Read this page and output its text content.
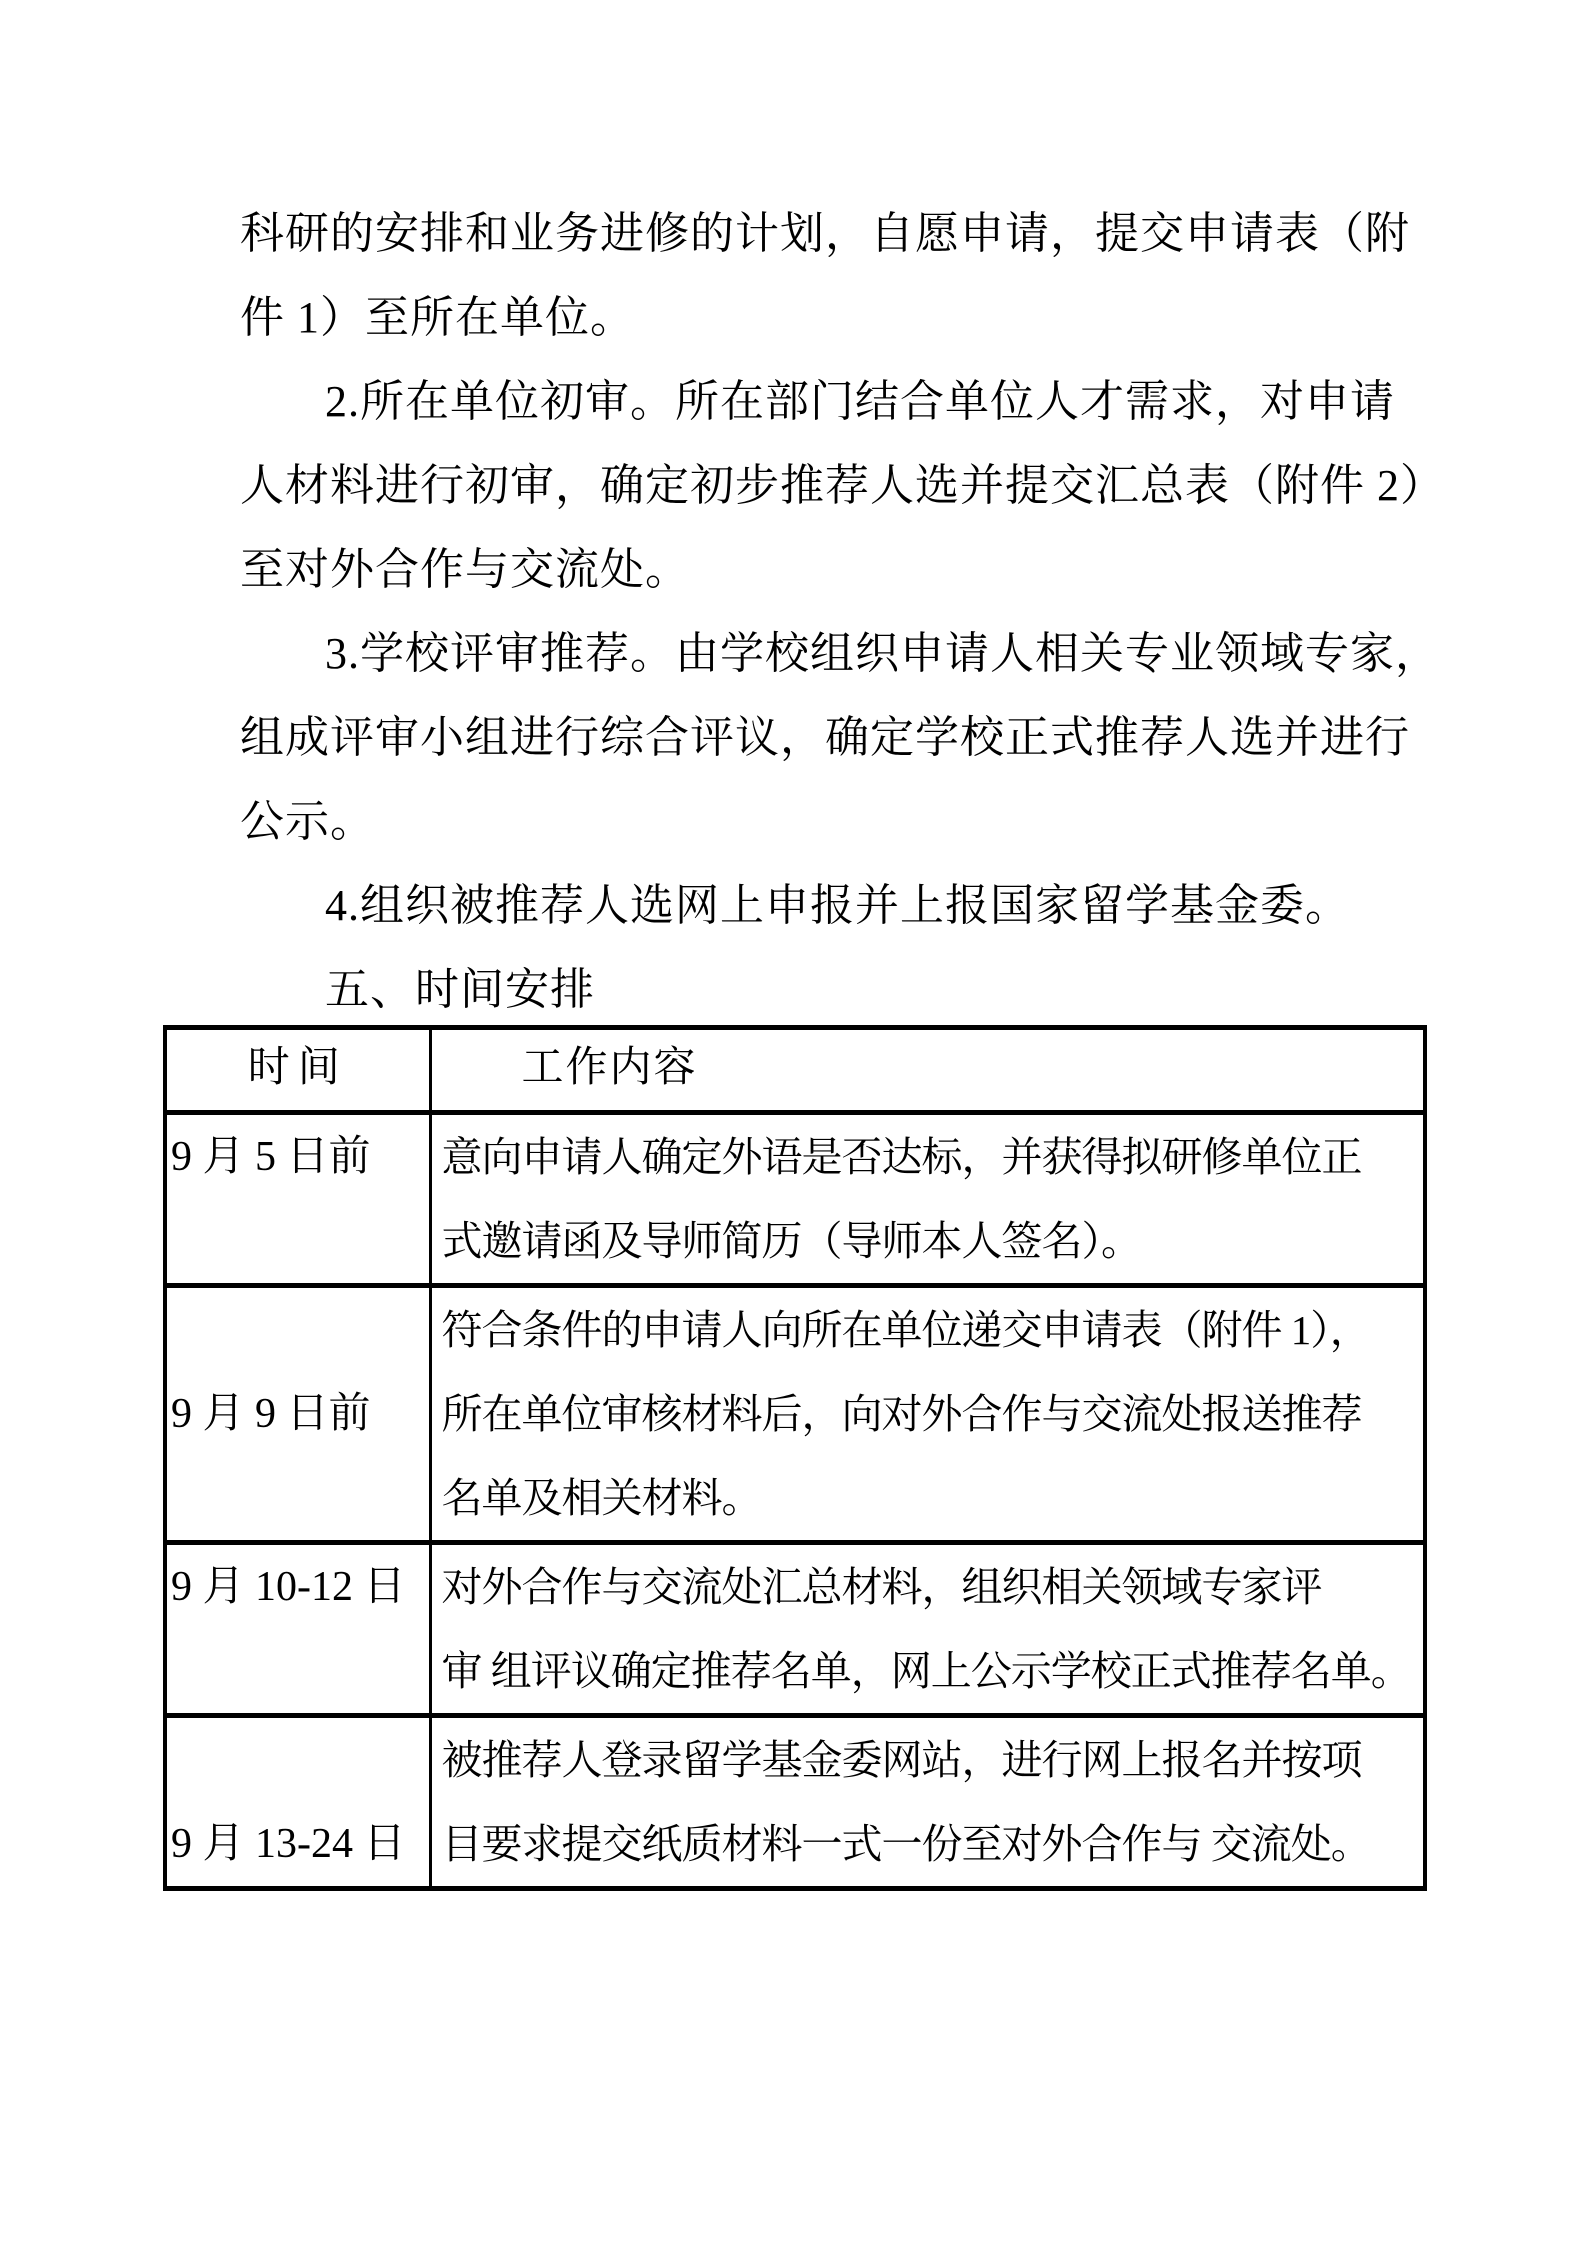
科研的安排和业务进修的计划，自愿申请，提交申请表（附
件 1）至所在单位。
2.所在单位初审。所在部门结合单位人才需求，对申请
人材料进行初审，确定初步推荐人选并提交汇总表（附件 2）
至对外合作与交流处。
3.学校评审推荐。由学校组织申请人相关专业领域专家，
组成评审小组进行综合评议，确定学校正式推荐人选并进行
公示。
4.组织被推荐人选网上申报并上报国家留学基金委。
五、时间安排
时间	工作内容
9 月 5 日前	意向申请人确定外语是否达标，并获得拟研修单位正
式邀请函及导师简历（导师本人签名）。

9 月 9 日前	符合条件的申请人向所在单位递交申请表（附件 1），
所在单位审核材料后，向对外合作与交流处报送推荐
名单及相关材料。

9 月 10-12 日	对外合作与交流处汇总材料，组织相关领域专家评
审 组评议确定推荐名单，网上公示学校正式推荐名单。

9 月 13-24 日	被推荐人登录留学基金委网站，进行网上报名并按项
目要求提交纸质材料一式一份至对外合作与 交流处。
